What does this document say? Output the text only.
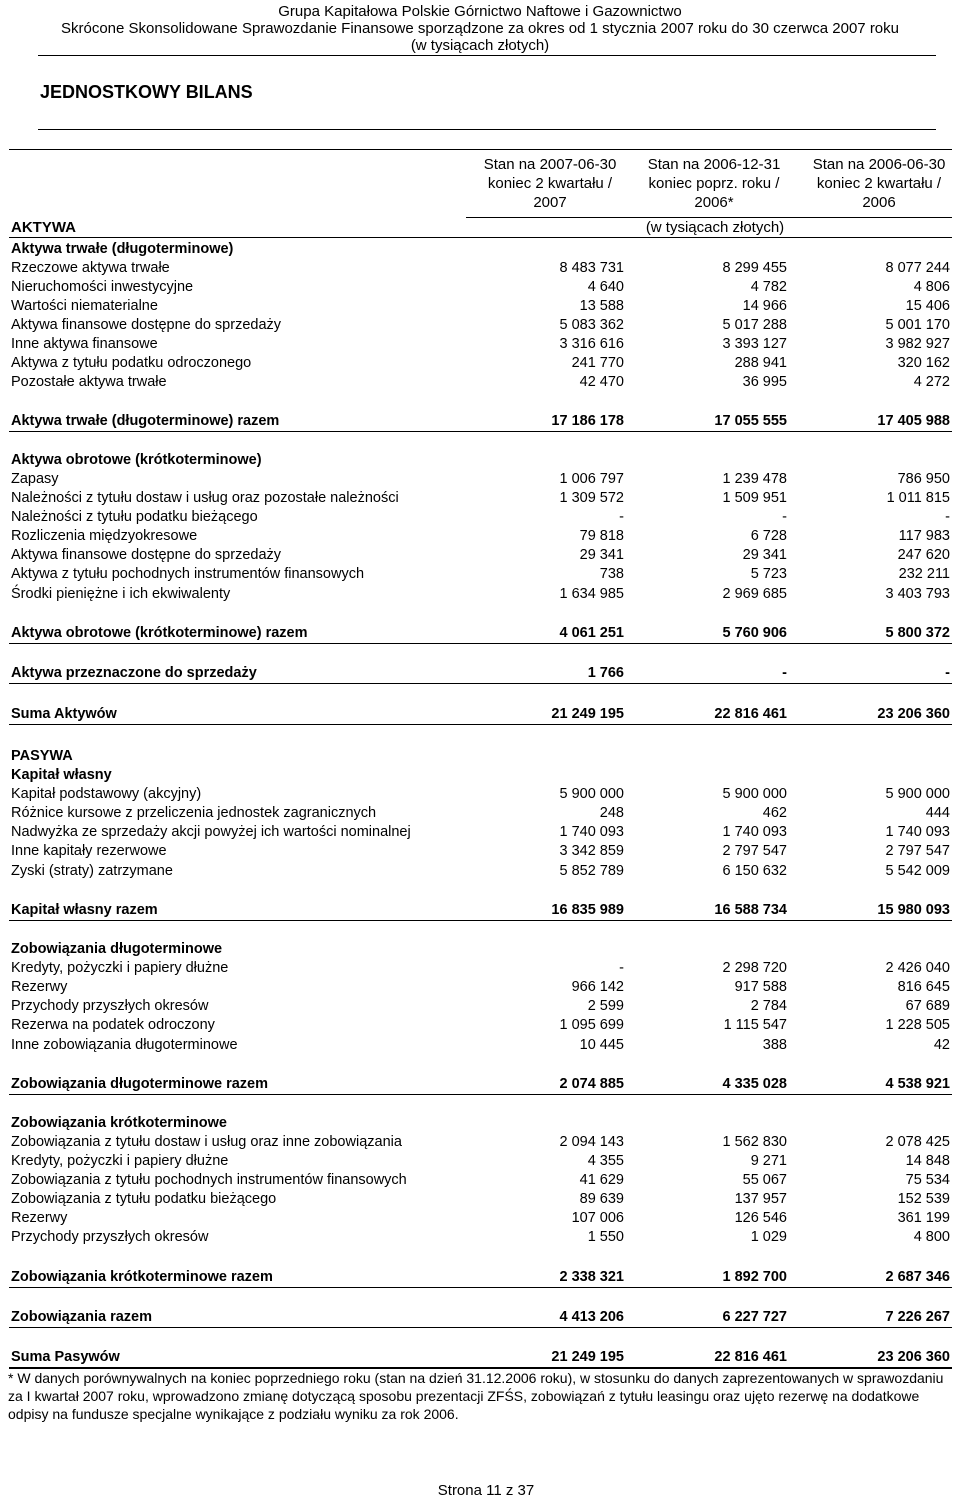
Grupa Kapitałowa Polskie Górnictwo Naftowe i Gazownictwo
Skrócone Skonsolidowane Sprawozdanie Finansowe sporządzone za okres od 1 stycznia 2007 roku do 30 czerwca 2007 roku
(w tysiącach złotych)
JEDNOSTKOWY BILANS
Stan na 2007-06-30
koniec 2 kwartału /
2007
Stan na 2006-12-31
koniec poprz. roku /
2006*
Stan na 2006-06-30
koniec 2 kwartału /
2006
AKTYWA	(w tysiącach złotych)
Aktywa trwałe (długoterminowe)
Rzeczowe aktywa trwałe	8 483 731	8 299 455	8 077 244
Nieruchomości inwestycyjne	4 640	4 782	4 806
Wartości niematerialne	13 588	14 966	15 406
Aktywa finansowe dostępne do sprzedaży	5 083 362	5 017 288	5 001 170
Inne aktywa finansowe	3 316 616	3 393 127	3 982 927
Aktywa z tytułu podatku odroczonego	241 770	288 941	320 162
Pozostałe aktywa trwałe	42 470	36 995	4 272
Aktywa trwałe (długoterminowe) razem	17 186 178	17 055 555	17 405 988
Aktywa obrotowe (krótkoterminowe)
Zapasy	1 006 797	1 239 478	786 950
Należności z tytułu dostaw i usług oraz pozostałe należności	1 309 572	1 509 951	1 011 815
Należności z tytułu podatku bieżącego	-	-	-
Rozliczenia międzyokresowe	79 818	6 728	117 983
Aktywa finansowe dostępne do sprzedaży	29 341	29 341	247 620
Aktywa z tytułu pochodnych instrumentów finansowych	738	5 723	232 211
Środki pieniężne i ich ekwiwalenty	1 634 985	2 969 685	3 403 793
Aktywa obrotowe (krótkoterminowe) razem	4 061 251	5 760 906	5 800 372
Aktywa przeznaczone do sprzedaży	1 766	-	-
Suma Aktywów	21 249 195	22 816 461	23 206 360
PASYWA
Kapitał własny
Kapitał podstawowy (akcyjny)	5 900 000	5 900 000	5 900 000
Różnice kursowe z przeliczenia jednostek zagranicznych	248	462	444
Nadwyżka ze sprzedaży akcji powyżej ich wartości nominalnej	1 740 093	1 740 093	1 740 093
Inne kapitały rezerwowe	3 342 859	2 797 547	2 797 547
Zyski (straty) zatrzymane	5 852 789	6 150 632	5 542 009
Kapitał własny razem	16 835 989	16 588 734	15 980 093
Zobowiązania długoterminowe
Kredyty, pożyczki i papiery dłużne	-	2 298 720	2 426 040
Rezerwy	966 142	917 588	816 645
Przychody przyszłych okresów	2 599	2 784	67 689
Rezerwa na podatek odroczony	1 095 699	1 115 547	1 228 505
Inne zobowiązania długoterminowe	10 445	388	42
Zobowiązania długoterminowe razem	2 074 885	4 335 028	4 538 921
Zobowiązania krótkoterminowe
Zobowiązania z tytułu dostaw i usług oraz inne zobowiązania	2 094 143	1 562 830	2 078 425
Kredyty, pożyczki i papiery dłużne	4 355	9 271	14 848
Zobowiązania z tytułu pochodnych instrumentów finansowych	41 629	55 067	75 534
Zobowiązania z tytułu podatku bieżącego	89 639	137 957	152 539
Rezerwy	107 006	126 546	361 199
Przychody przyszłych okresów	1 550	1 029	4 800
Zobowiązania krótkoterminowe razem	2 338 321	1 892 700	2 687 346
Zobowiązania razem	4 413 206	6 227 727	7 226 267
Suma Pasywów	21 249 195	22 816 461	23 206 360
* W danych porównywalnych na koniec poprzedniego roku (stan na dzień 31.12.2006 roku), w stosunku do danych zaprezentowanych w sprawozdaniu za I kwartał 2007 roku, wprowadzono zmianę dotyczącą sposobu prezentacji ZFŚS, zobowiązań z tytułu leasingu oraz ujęto rezerwę na dodatkowe odpisy na fundusze specjalne wynikające z podziału wyniku za rok 2006.
Strona 11 z 37
